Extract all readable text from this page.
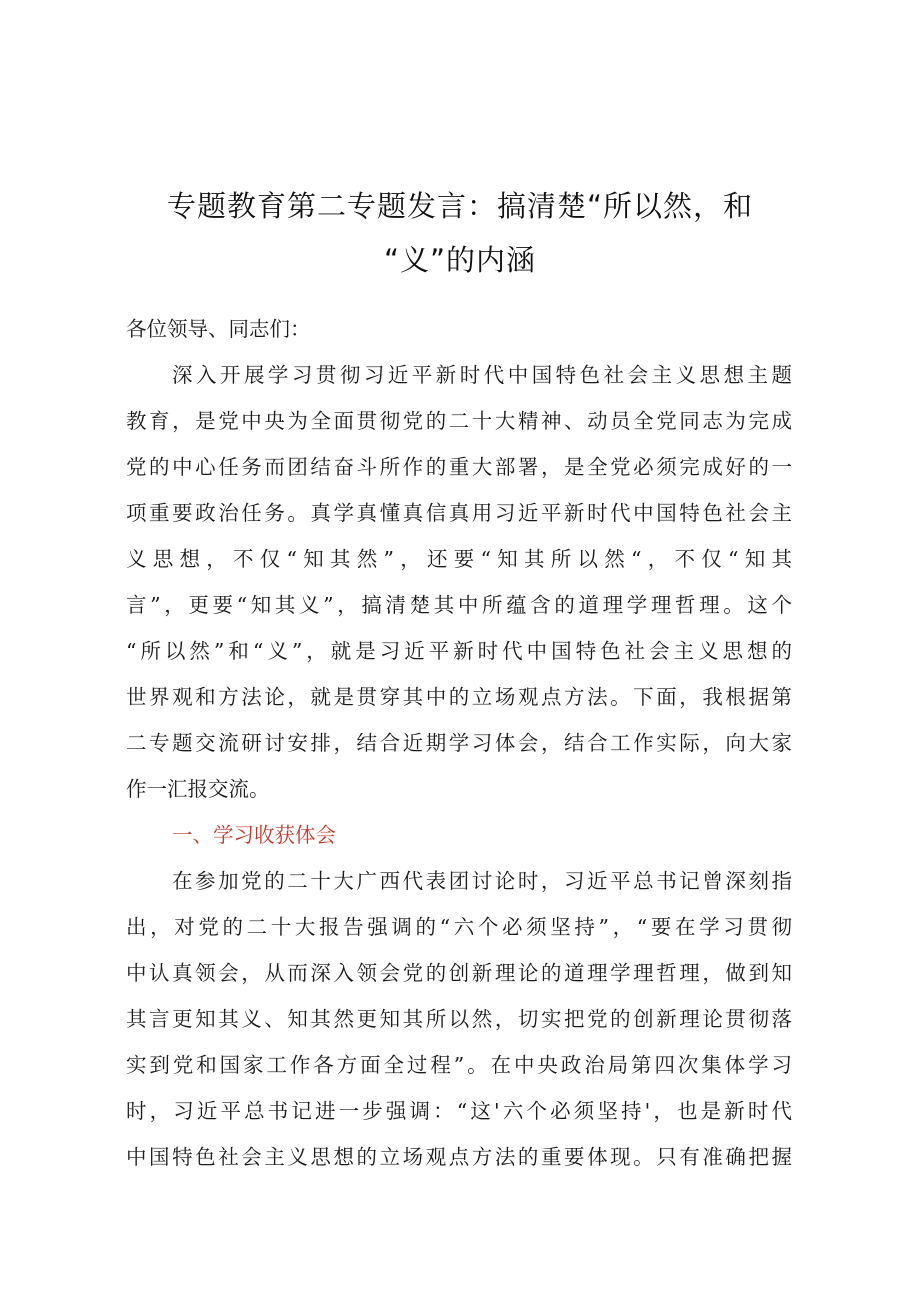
专题教育第二专题发言：搞清楚“所以然，和
“义”的内涵
各位领导、同志们：
深入开展学习贯彻习近平新时代中国特色社会主义思想主题
教育，是党中央为全面贯彻党的二十大精神、动员全党同志为完成
党的中心任务而团结奋斗所作的重大部署，是全党必须完成好的一
项重要政治任务。真学真懂真信真用习近平新时代中国特色社会主
义思想，不仅“知其然”，还要“知其所以然“，不仅“知其
言”，更要“知其义”，搞清楚其中所蕴含的道理学理哲理。这个
“所以然”和“义”，就是习近平新时代中国特色社会主义思想的
世界观和方法论，就是贯穿其中的立场观点方法。下面，我根据第
二专题交流研讨安排，结合近期学习体会，结合工作实际，向大家
作一汇报交流。
一、学习收获体会
在参加党的二十大广西代表团讨论时，习近平总书记曾深刻指
出，对党的二十大报告强调的“六个必须坚持”，“要在学习贯彻
中认真领会，从而深入领会党的创新理论的道理学理哲理，做到知
其言更知其义、知其然更知其所以然，切实把党的创新理论贯彻落
实到党和国家工作各方面全过程”。在中央政治局第四次集体学习
时，习近平总书记进一步强调：“这'六个必须坚持'，也是新时代
中国特色社会主义思想的立场观点方法的重要体现。只有准确把握
